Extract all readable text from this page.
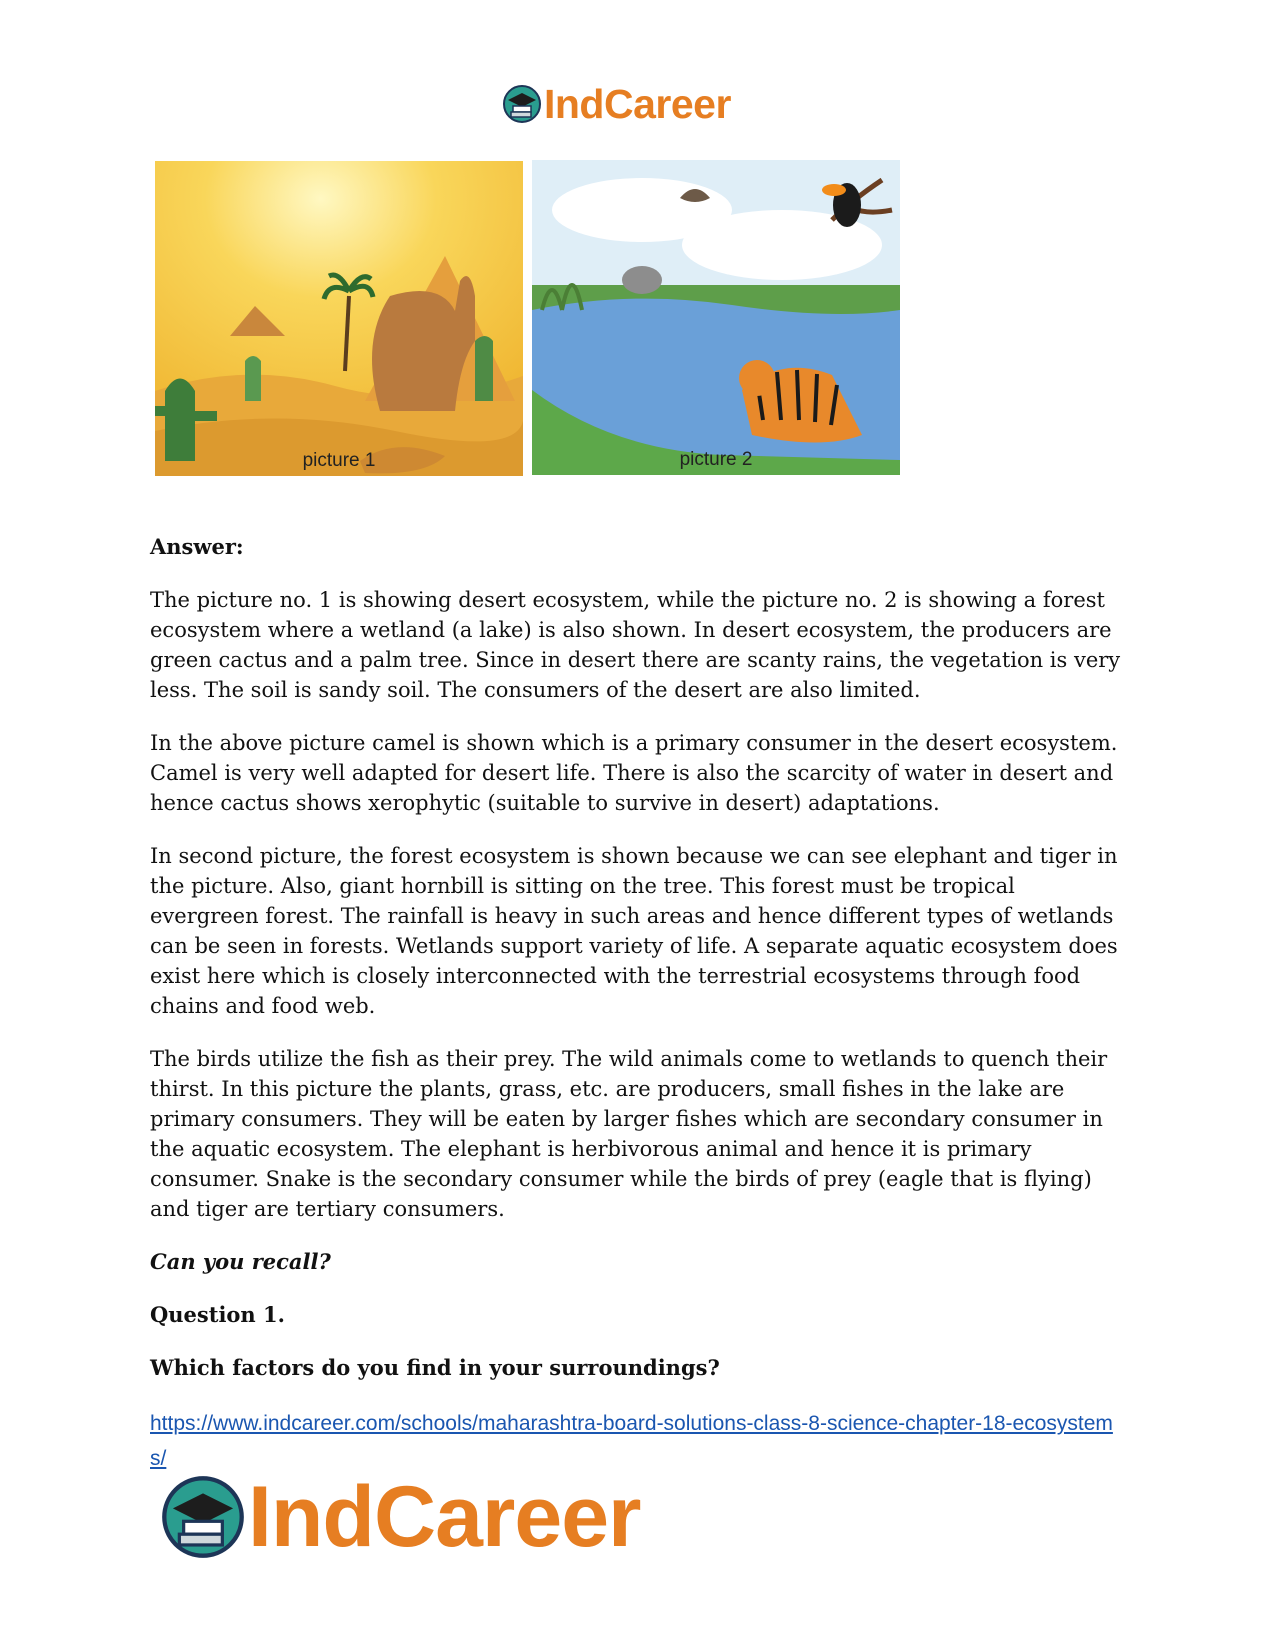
IndCareer
picture 1	picture 2

Answer:

The picture no. 1 is showing desert ecosystem, while the picture no. 2 is showing a forest ecosystem where a wetland (a lake) is also shown. In desert ecosystem, the producers are green cactus and a palm tree. Since in desert there are scanty rains, the vegetation is very less. The soil is sandy soil. The consumers of the desert are also limited.

In the above picture camel is shown which is a primary consumer in the desert ecosystem. Camel is very well adapted for desert life. There is also the scarcity of water in desert and hence cactus shows xerophytic (suitable to survive in desert) adaptations.

In second picture, the forest ecosystem is shown because we can see elephant and tiger in the picture. Also, giant hornbill is sitting on the tree. This forest must be tropical evergreen forest. The rainfall is heavy in such areas and hence different types of wetlands can be seen in forests. Wetlands support variety of life. A separate aquatic ecosystem does exist here which is closely interconnected with the terrestrial ecosystems through food chains and food web.

The birds utilize the fish as their prey. The wild animals come to wetlands to quench their thirst. In this picture the plants, grass, etc. are producers, small fishes in the lake are primary consumers. They will be eaten by larger fishes which are secondary consumer in the aquatic ecosystem. The elephant is herbivorous animal and hence it is primary consumer. Snake is the secondary consumer while the birds of prey (eagle that is flying) and tiger are tertiary consumers.

Can you recall?

Question 1.

Which factors do you find in your surroundings?

https://www.indcareer.com/schools/maharashtra-board-solutions-class-8-science-chapter-18-ecosystems/
IndCareer
